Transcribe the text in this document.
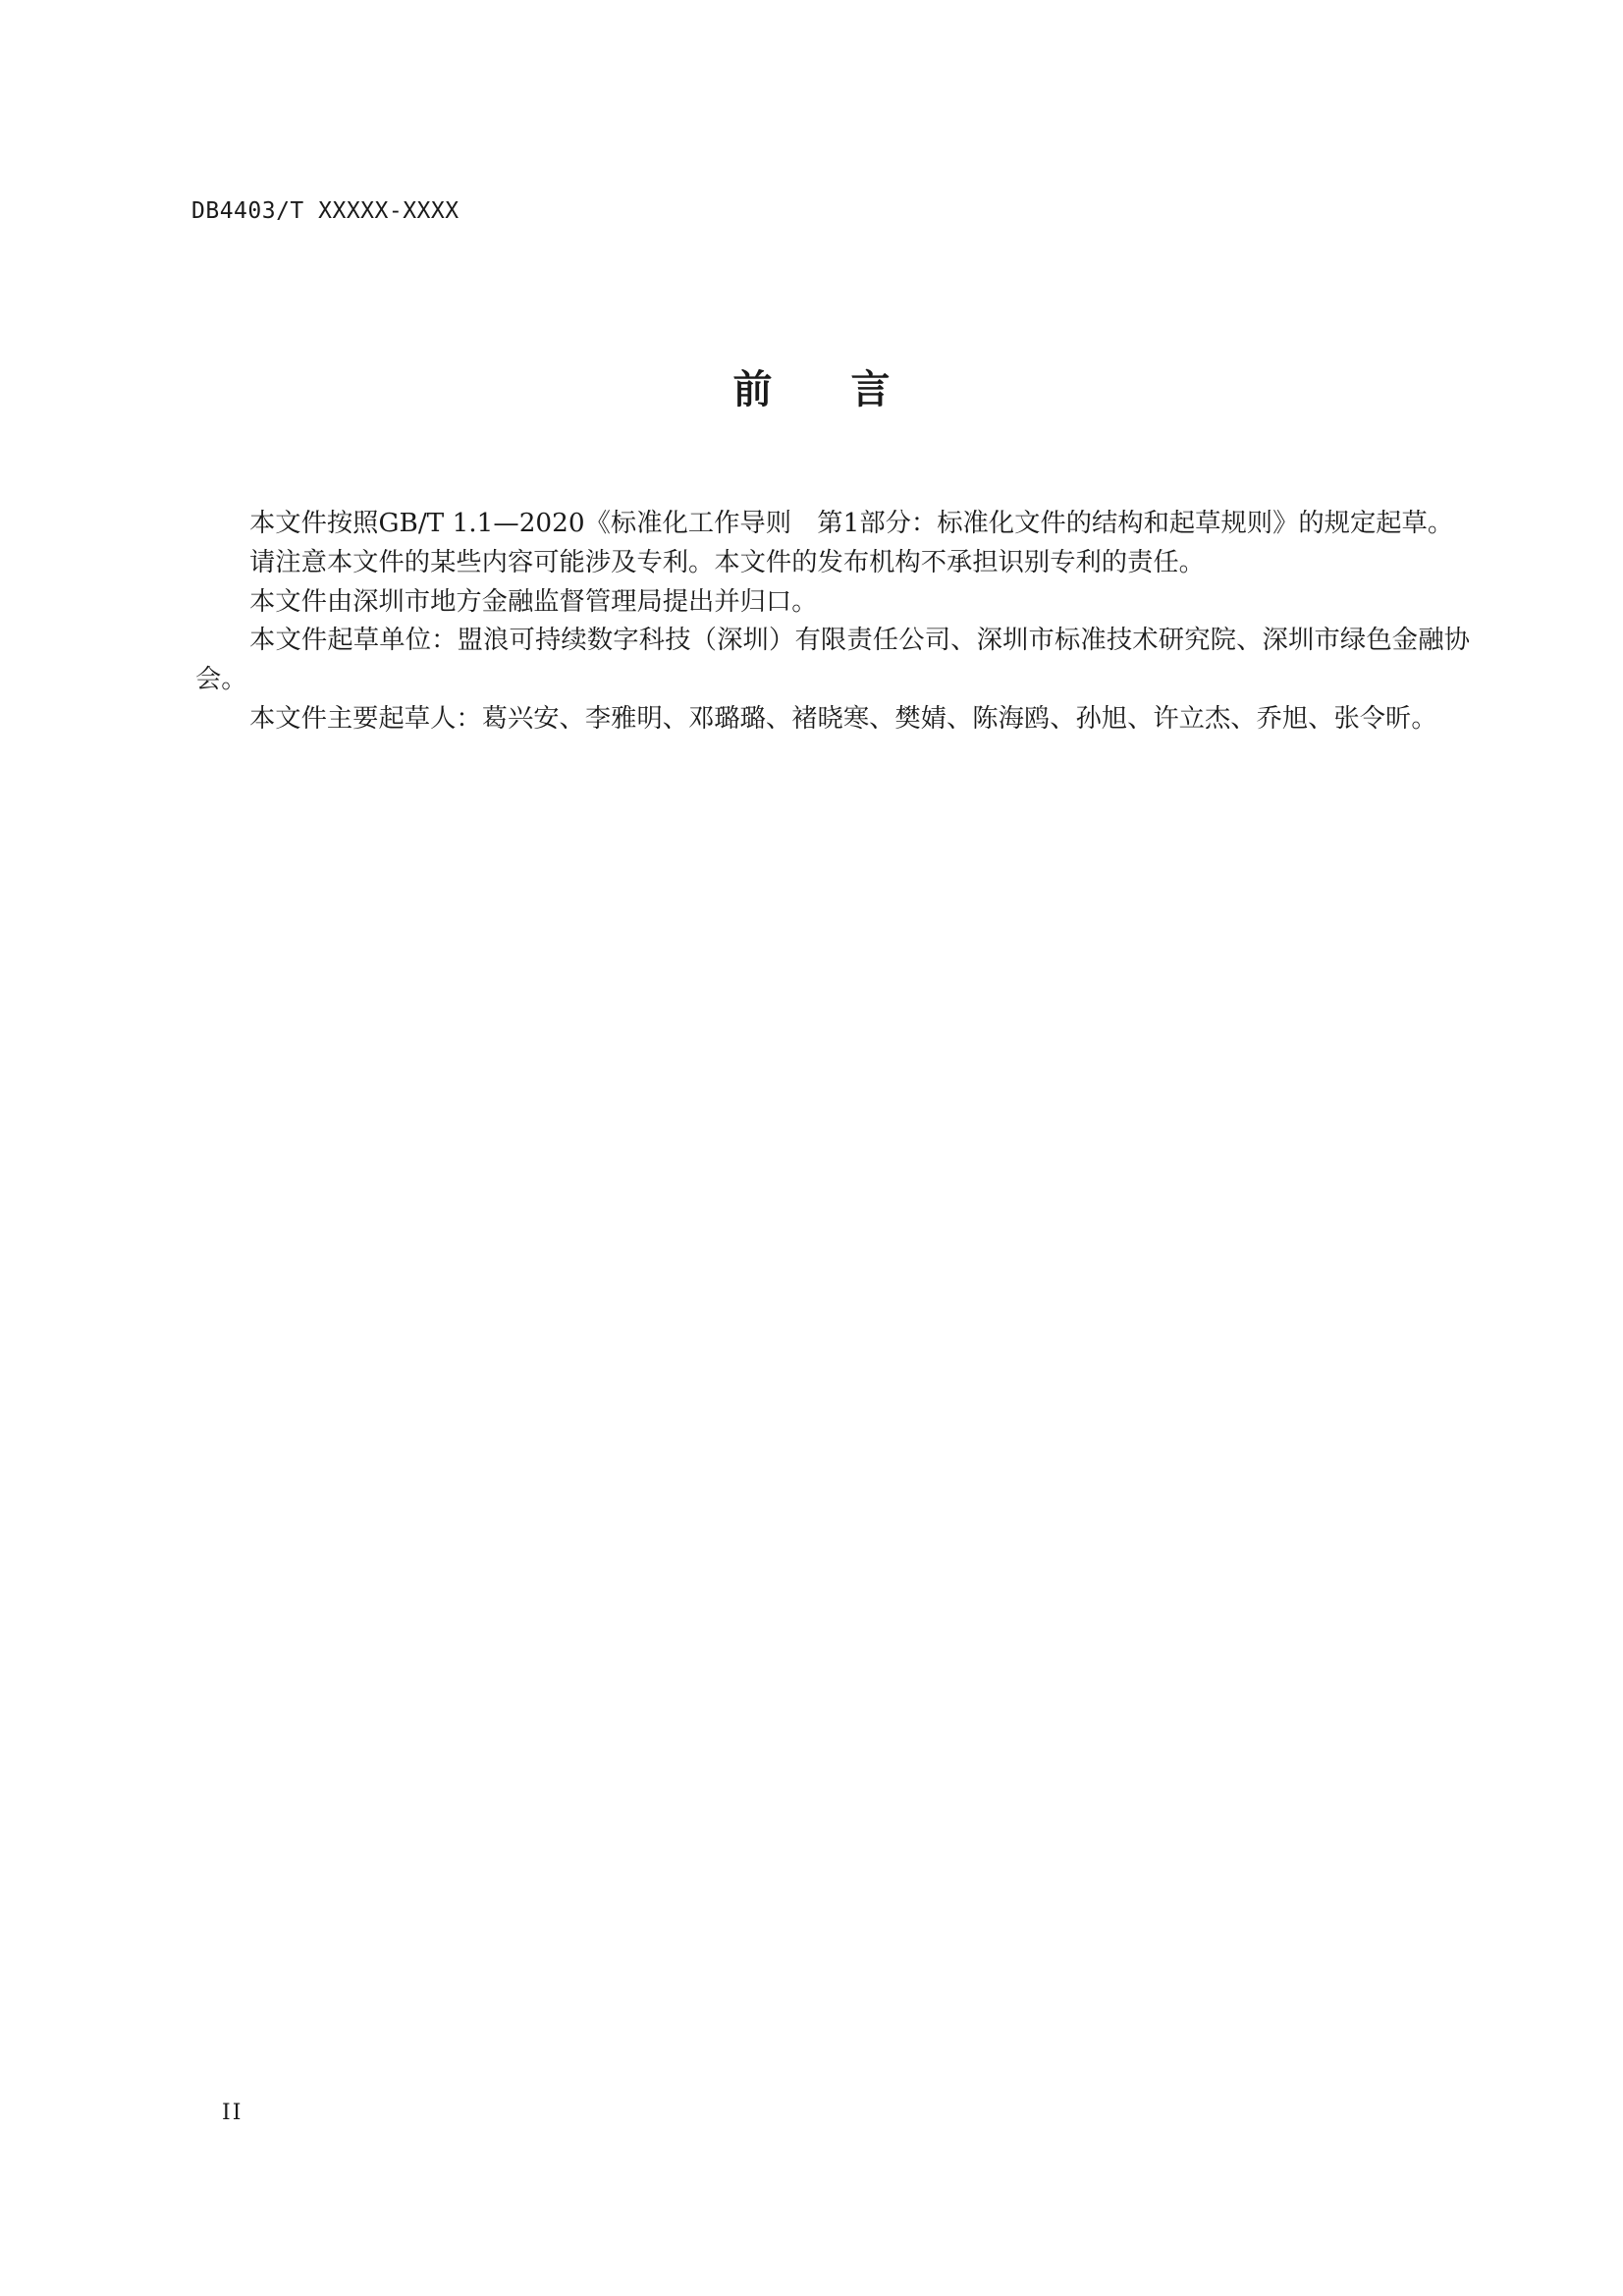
DB4403/T XXXXX-XXXX
前言

本文件按照GB/T 1.1—2020《标准化工作导则　第1部分：标准化文件的结构和起草规则》的规定起草。

请注意本文件的某些内容可能涉及专利。本文件的发布机构不承担识别专利的责任。

本文件由深圳市地方金融监督管理局提出并归口。

本文件起草单位：盟浪可持续数字科技（深圳）有限责任公司、深圳市标准技术研究院、深圳市绿色金融协会。

本文件主要起草人：葛兴安、李雅明、邓璐璐、褚晓寒、樊婧、陈海鸥、孙旭、许立杰、乔旭、张令昕。

II
